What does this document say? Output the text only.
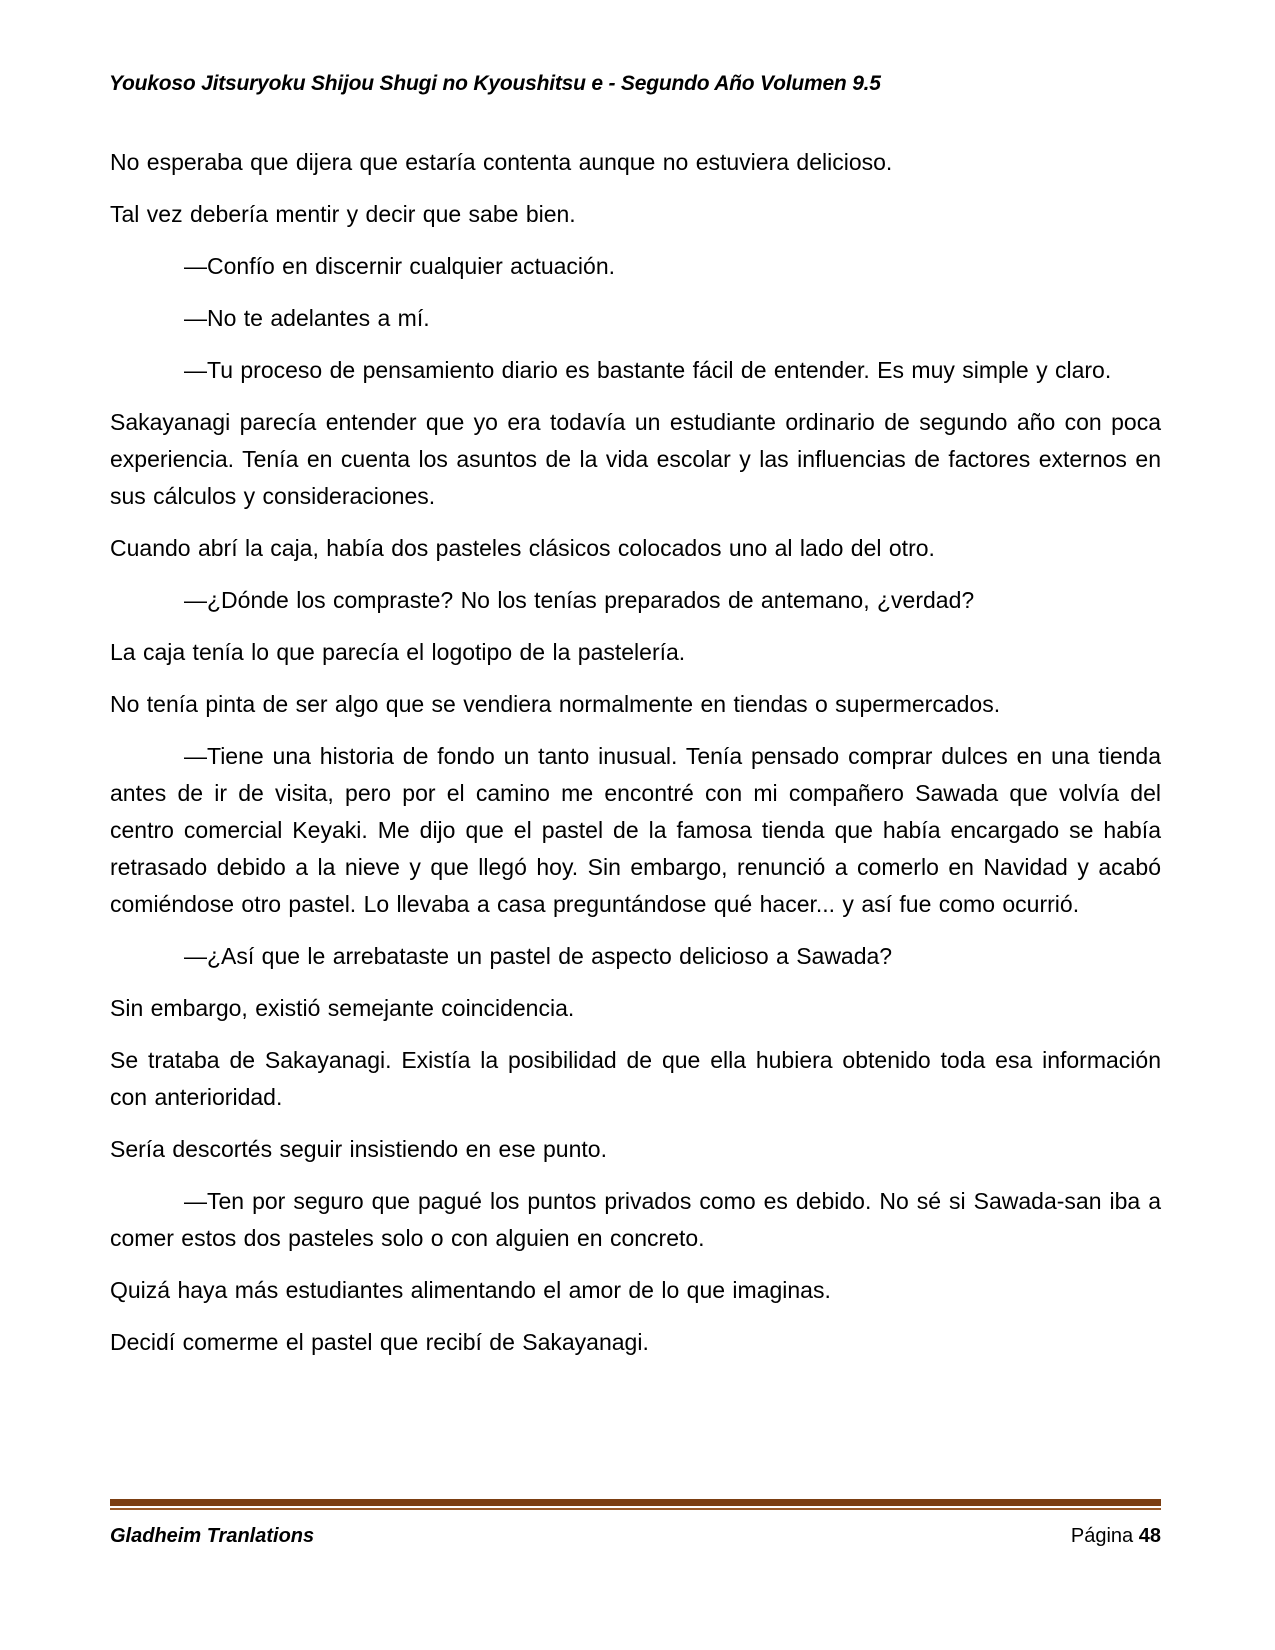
Youkoso Jitsuryoku Shijou Shugi no Kyoushitsu e - Segundo Año Volumen 9.5

No esperaba que dijera que estaría contenta aunque no estuviera delicioso.

Tal vez debería mentir y decir que sabe bien.

—Confío en discernir cualquier actuación.

—No te adelantes a mí.

—Tu proceso de pensamiento diario es bastante fácil de entender. Es muy simple y claro.

Sakayanagi parecía entender que yo era todavía un estudiante ordinario de segundo año con poca experiencia. Tenía en cuenta los asuntos de la vida escolar y las influencias de factores externos en sus cálculos y consideraciones.

Cuando abrí la caja, había dos pasteles clásicos colocados uno al lado del otro.

—¿Dónde los compraste? No los tenías preparados de antemano, ¿verdad?

La caja tenía lo que parecía el logotipo de la pastelería.

No tenía pinta de ser algo que se vendiera normalmente en tiendas o supermercados.

—Tiene una historia de fondo un tanto inusual. Tenía pensado comprar dulces en una tienda antes de ir de visita, pero por el camino me encontré con mi compañero Sawada que volvía del centro comercial Keyaki. Me dijo que el pastel de la famosa tienda que había encargado se había retrasado debido a la nieve y que llegó hoy. Sin embargo, renunció a comerlo en Navidad y acabó comiéndose otro pastel. Lo llevaba a casa preguntándose qué hacer... y así fue como ocurrió.

—¿Así que le arrebataste un pastel de aspecto delicioso a Sawada?

Sin embargo, existió semejante coincidencia.

Se trataba de Sakayanagi. Existía la posibilidad de que ella hubiera obtenido toda esa información con anterioridad.

Sería descortés seguir insistiendo en ese punto.

—Ten por seguro que pagué los puntos privados como es debido. No sé si Sawada-san iba a comer estos dos pasteles solo o con alguien en concreto.

Quizá haya más estudiantes alimentando el amor de lo que imaginas.

Decidí comerme el pastel que recibí de Sakayanagi.

Gladheim Tranlations	Página 48
